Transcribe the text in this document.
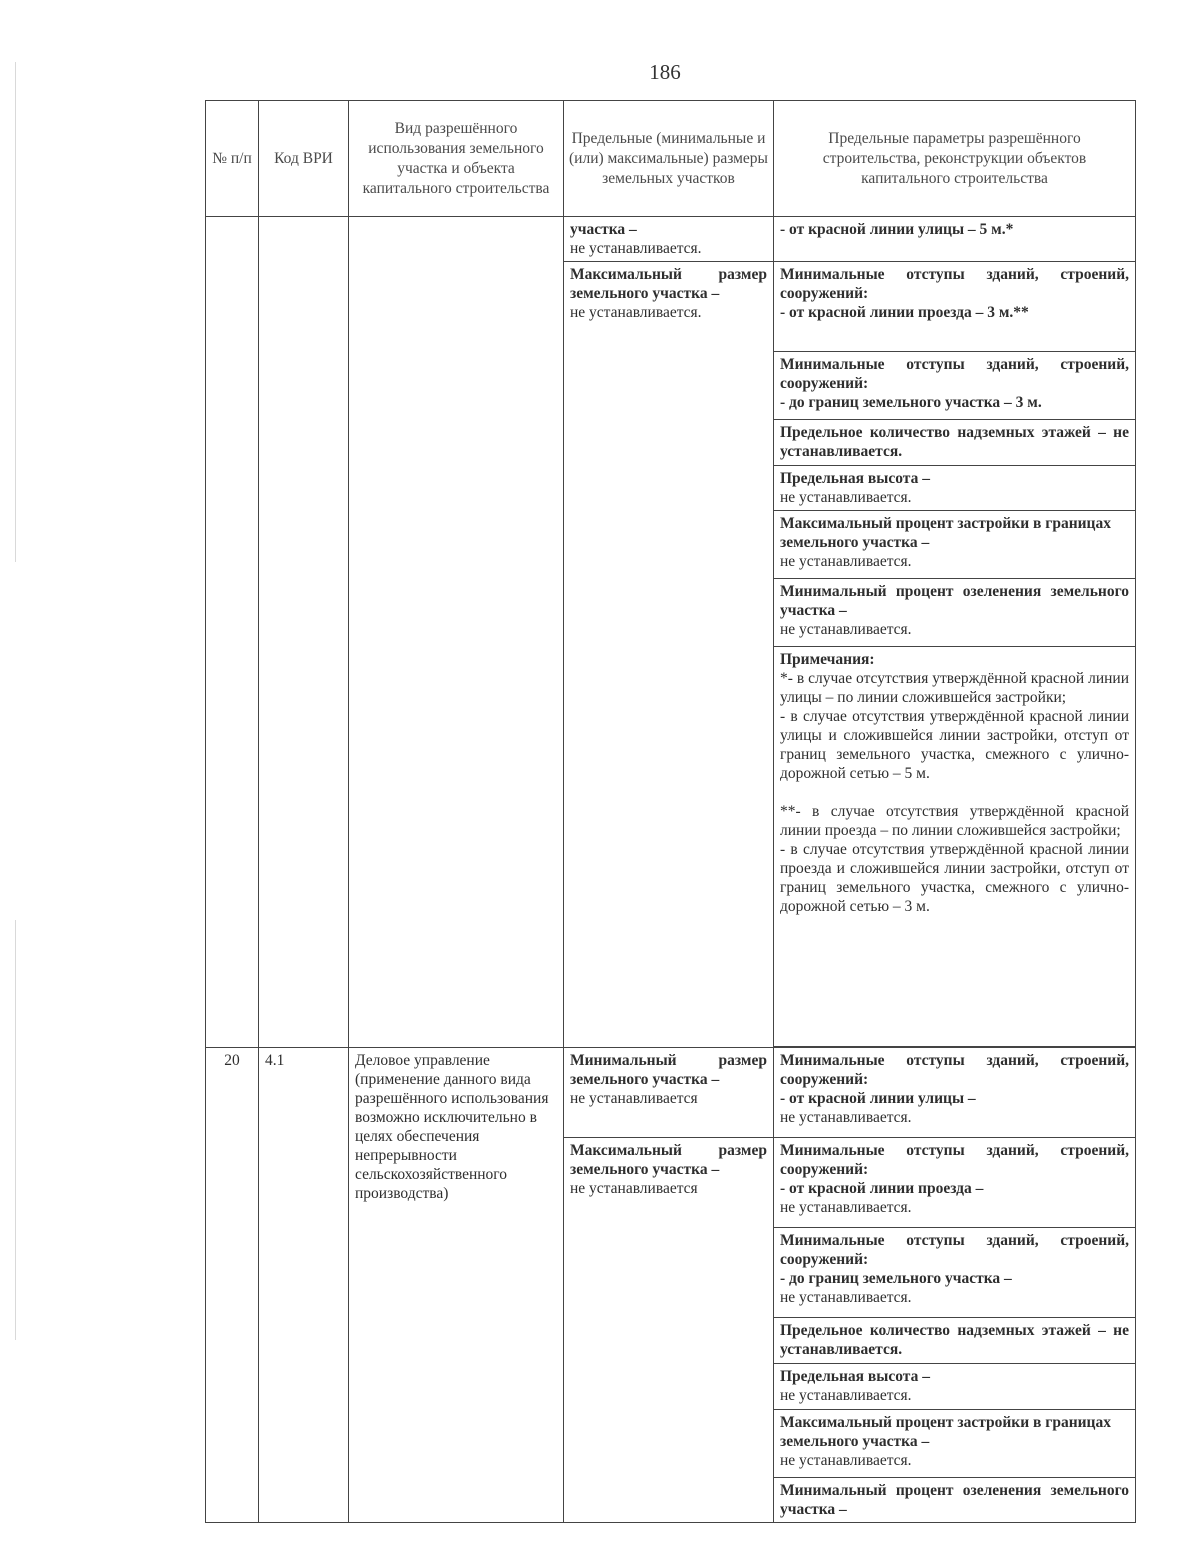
186
№ п/п	Код ВРИ	Вид разрешённого использования земельного участка и объекта капитального строительства	Предельные (минимальные и (или) максимальные) размеры земельных участков	Предельные параметры разрешённого строительства, реконструкции объектов капитального строительства

			участка –
не устанавливается.	- от красной линии улицы – 5 м.*

			Максимальный размер земельного участка –
не устанавливается.	Минимальные отступы зданий, строений, сооружений:
- от красной линии проезда – 3 м.**

				Минимальные отступы зданий, строений, сооружений:
- до границ земельного участка – 3 м.

				Предельное количество надземных этажей – не устанавливается.

				Предельная высота –
не устанавливается.

				Максимальный процент застройки в границах земельного участка –
не устанавливается.

				Минимальный процент озеленения земельного участка –
не устанавливается.

				Примечания:
*- в случае отсутствия утверждённой красной линии улицы – по линии сложившейся застройки;
- в случае отсутствия утверждённой красной линии улицы и сложившейся линии застройки, отступ от границ земельного участка, смежного с улично-дорожной сетью – 5 м.
**- в случае отсутствия утверждённой красной линии проезда – по линии сложившейся застройки;
- в случае отсутствия утверждённой красной линии проезда и сложившейся линии застройки, отступ от границ земельного участка, смежного с улично-дорожной сетью – 3 м.

20	4.1	Деловое управление (применение данного вида разрешённого использования возможно исключительно в целях обеспечения непрерывности сельскохозяйственного производства)	Минимальный размер земельного участка –
не устанавливается	Минимальные отступы зданий, строений, сооружений:
- от красной линии улицы –
не устанавливается.

			Максимальный размер земельного участка –
не устанавливается	Минимальные отступы зданий, строений, сооружений:
- от красной линии проезда –
не устанавливается.

				Минимальные отступы зданий, строений, сооружений:
- до границ земельного участка –
не устанавливается.

				Предельное количество надземных этажей – не устанавливается.

				Предельная высота –
не устанавливается.

				Максимальный процент застройки в границах земельного участка –
не устанавливается.

				Минимальный процент озеленения земельного участка –
